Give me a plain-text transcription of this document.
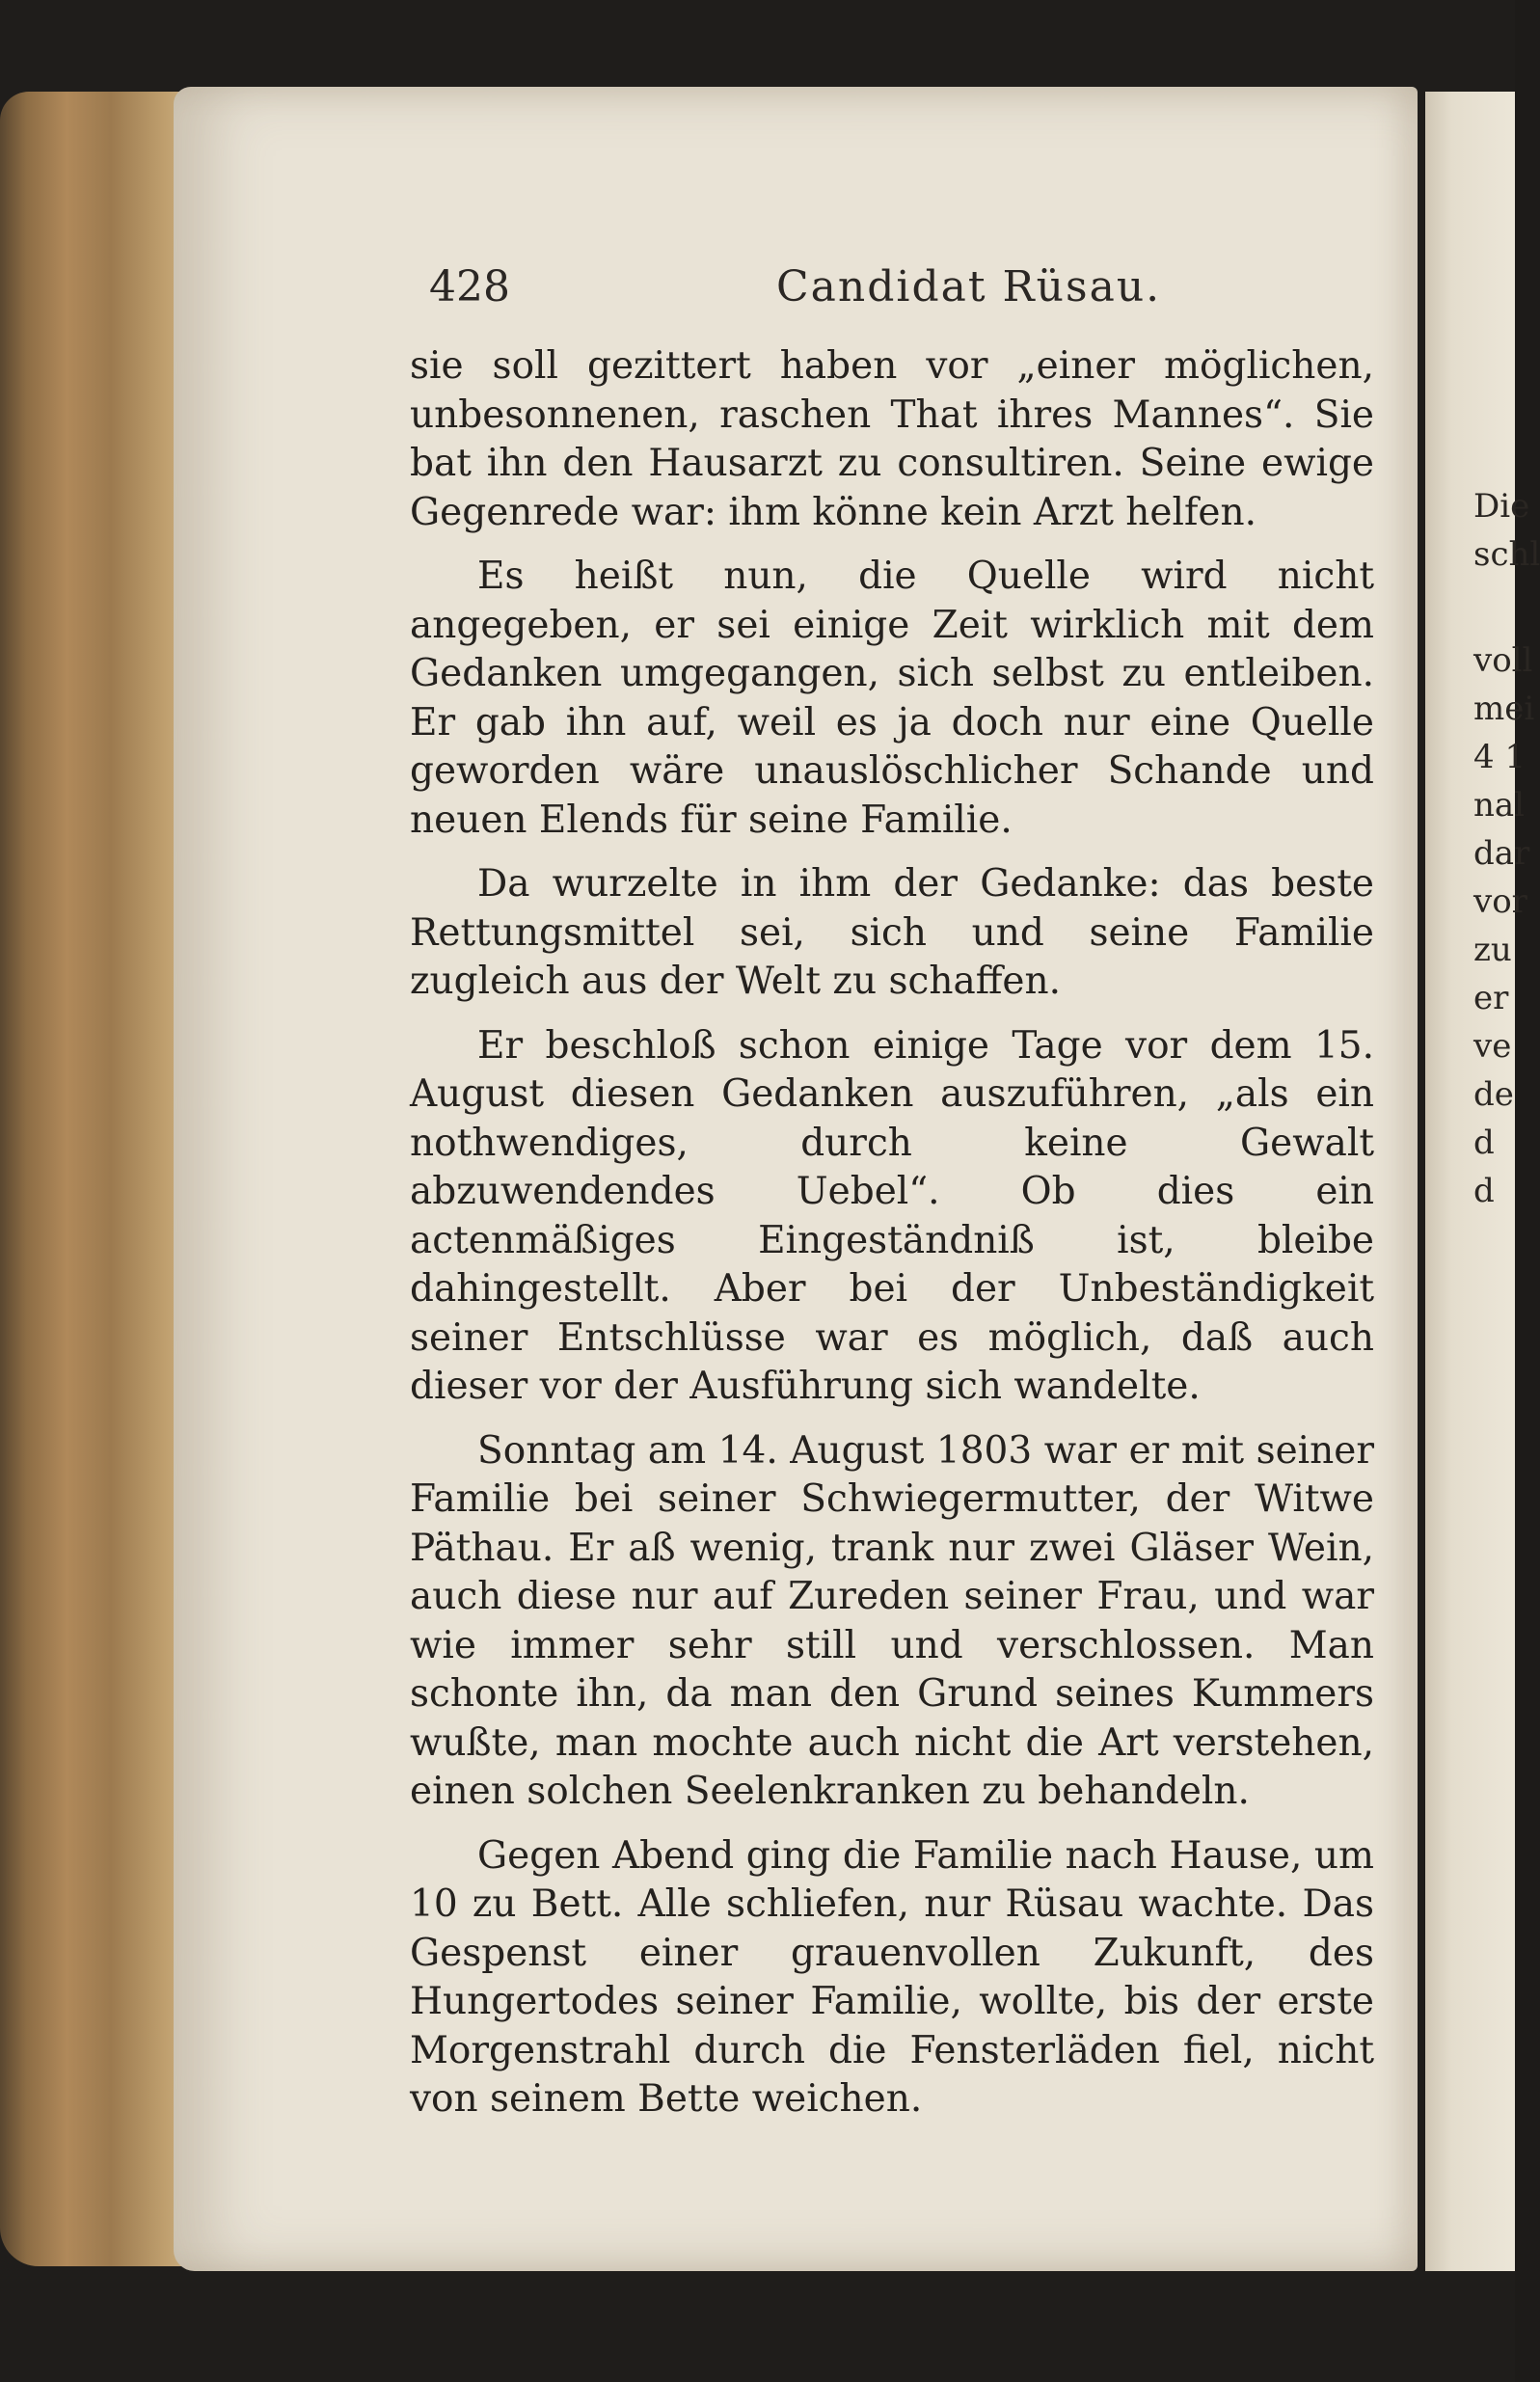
Die
schl
voll
mei
4 1
nal
dar
vor
zu
er
ve
de
d
d
428	Candidat Rüsau.

sie soll gezittert haben vor „einer möglichen, unbesonnenen, raschen That ihres Mannes“. Sie bat ihn den Hausarzt zu consultiren. Seine ewige Gegenrede war: ihm könne kein Arzt helfen.

Es heißt nun, die Quelle wird nicht angegeben, er sei einige Zeit wirklich mit dem Gedanken umgegangen, sich selbst zu entleiben. Er gab ihn auf, weil es ja doch nur eine Quelle geworden wäre unauslöschlicher Schande und neuen Elends für seine Familie.

Da wurzelte in ihm der Gedanke: das beste Rettungsmittel sei, sich und seine Familie zugleich aus der Welt zu schaffen.

Er beschloß schon einige Tage vor dem 15. August diesen Gedanken auszuführen, „als ein nothwendiges, durch keine Gewalt abzuwendendes Uebel“. Ob dies ein actenmäßiges Eingeständniß ist, bleibe dahingestellt. Aber bei der Unbeständigkeit seiner Entschlüsse war es möglich, daß auch dieser vor der Ausführung sich wandelte.

Sonntag am 14. August 1803 war er mit seiner Familie bei seiner Schwiegermutter, der Witwe Päthau. Er aß wenig, trank nur zwei Gläser Wein, auch diese nur auf Zureden seiner Frau, und war wie immer sehr still und verschlossen. Man schonte ihn, da man den Grund seines Kummers wußte, man mochte auch nicht die Art verstehen, einen solchen Seelenkranken zu behandeln.

Gegen Abend ging die Familie nach Hause, um 10 zu Bett. Alle schliefen, nur Rüsau wachte. Das Gespenst einer grauenvollen Zukunft, des Hungertodes seiner Familie, wollte, bis der erste Morgenstrahl durch die Fensterläden fiel, nicht von seinem Bette weichen.
